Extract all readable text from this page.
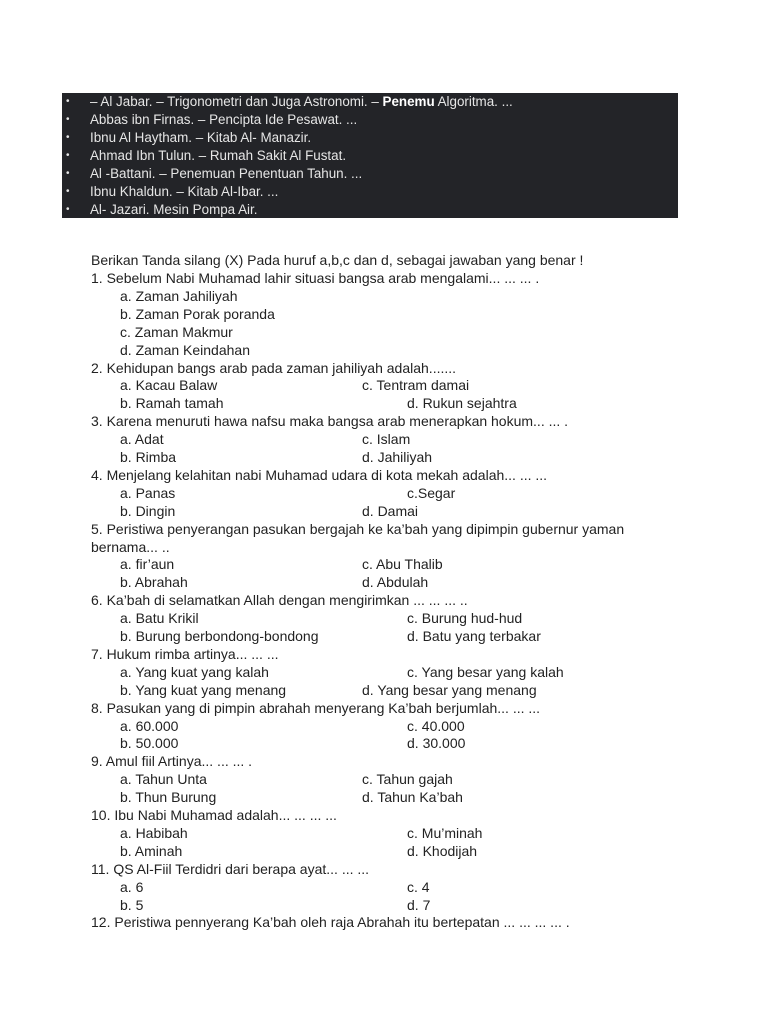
• – Al Jabar. – Trigonometri dan Juga Astronomi. – Penemu Algoritma. ...
• Abbas ibn Firnas. – Pencipta Ide Pesawat. ...
• Ibnu Al Haytham. – Kitab Al- Manazir.
• Ahmad Ibn Tulun. – Rumah Sakit Al Fustat.
• Al -Battani. – Penemuan Penentuan Tahun. ...
• Ibnu Khaldun. – Kitab Al-Ibar. ...
• Al- Jazari. Mesin Pompa Air.
Berikan Tanda silang (X) Pada huruf a,b,c dan d, sebagai jawaban yang benar !
1. Sebelum Nabi Muhamad lahir situasi bangsa arab mengalami... ... ... .
a. Zaman Jahiliyah
b. Zaman Porak poranda
c. Zaman Makmur
d. Zaman Keindahan
2. Kehidupan bangs arab pada zaman jahiliyah adalah.......
a. Kacau Balaw	c. Tentram damai
b. Ramah tamah	d. Rukun sejahtra
3. Karena menuruti hawa nafsu maka bangsa arab menerapkan hokum... ... .
a. Adat	c. Islam
b. Rimba	d. Jahiliyah
4. Menjelang kelahitan nabi Muhamad udara di kota mekah adalah... ... ...
a. Panas	c.Segar
b. Dingin	d. Damai
5. Peristiwa penyerangan pasukan bergajah ke ka’bah yang dipimpin gubernur yaman
bernama... ..
a. fir’aun	c. Abu Thalib
b. Abrahah	d. Abdulah
6. Ka’bah di selamatkan Allah dengan mengirimkan ... ... ... ..
a. Batu Krikil	c. Burung hud-hud
b. Burung berbondong-bondong	d. Batu yang terbakar
7. Hukum rimba artinya... ... ...
a. Yang kuat yang kalah	c. Yang besar yang kalah
b. Yang kuat yang menang	d. Yang besar yang menang
8. Pasukan yang di pimpin abrahah menyerang Ka’bah berjumlah... ... ...
a. 60.000	c. 40.000
b. 50.000	d. 30.000
9. Amul fiil Artinya... ... ... .
a. Tahun Unta	c. Tahun gajah
b. Thun Burung	d. Tahun Ka’bah
10. Ibu Nabi Muhamad adalah... ... ... ...
a. Habibah	c. Mu’minah
b. Aminah	d. Khodijah
11. QS Al-Fiil Terdidri dari berapa ayat... ... ...
a. 6	c. 4
b. 5	d. 7
12. Peristiwa pennyerang Ka’bah oleh raja Abrahah itu bertepatan ... ... ... ... .
